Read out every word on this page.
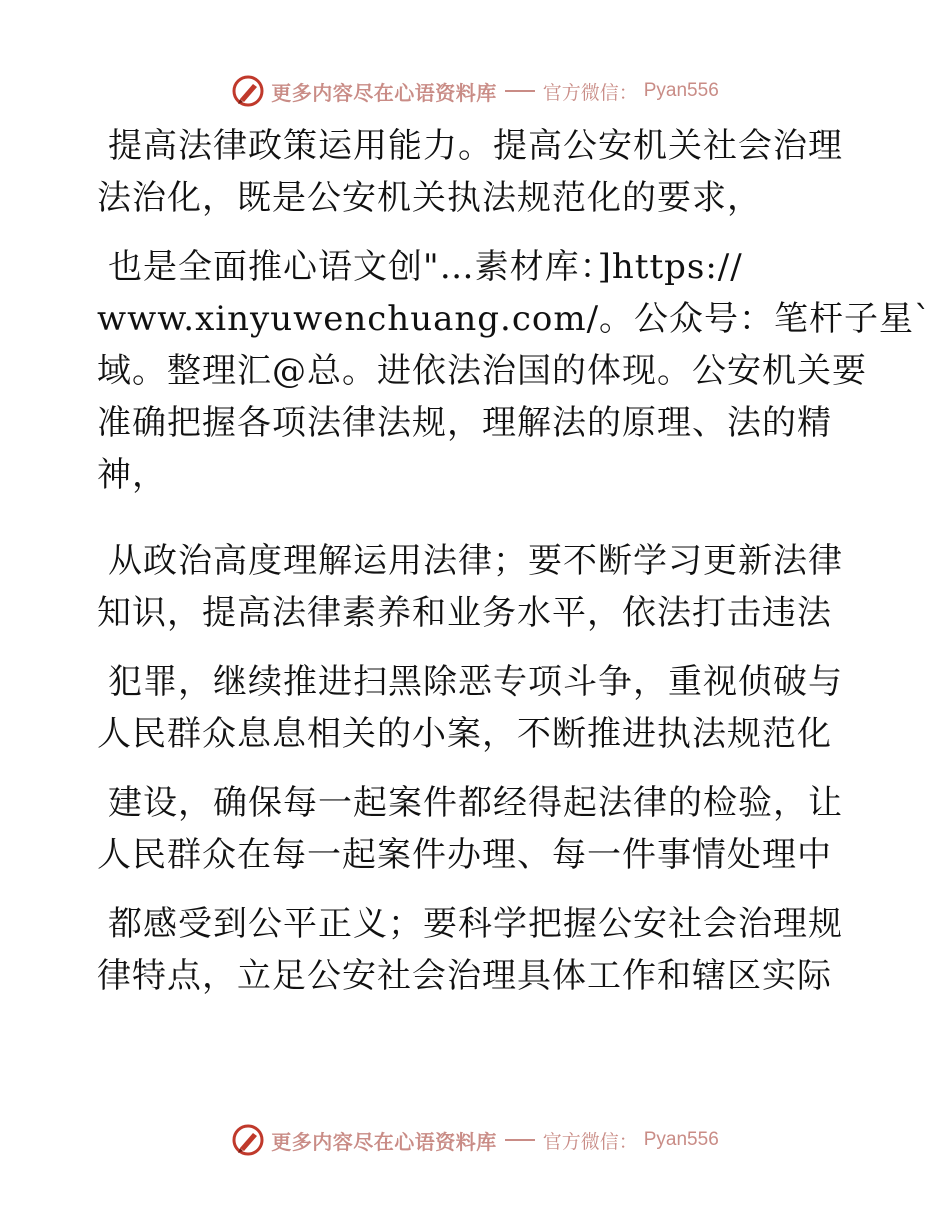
更多内容尽在心语资料库 官方微信： Pyan556
提高法律政策运用能力。提高公安机关社会治理
法治化，既是公安机关执法规范化的要求，
也是全面推心语文创"…素材库：]https://
www.xinyuwenchuang.com/。公众号：笔杆子星`
域。整理汇@总。进依法治国的体现。公安机关要
准确把握各项法律法规，理解法的原理、法的精
神，
从政治高度理解运用法律；要不断学习更新法律
知识，提高法律素养和业务水平，依法打击违法
犯罪，继续推进扫黑除恶专项斗争，重视侦破与
人民群众息息相关的小案，不断推进执法规范化
建设，确保每一起案件都经得起法律的检验，让
人民群众在每一起案件办理、每一件事情处理中
都感受到公平正义；要科学把握公安社会治理规
律特点，立足公安社会治理具体工作和辖区实际
更多内容尽在心语资料库 官方微信： Pyan556
